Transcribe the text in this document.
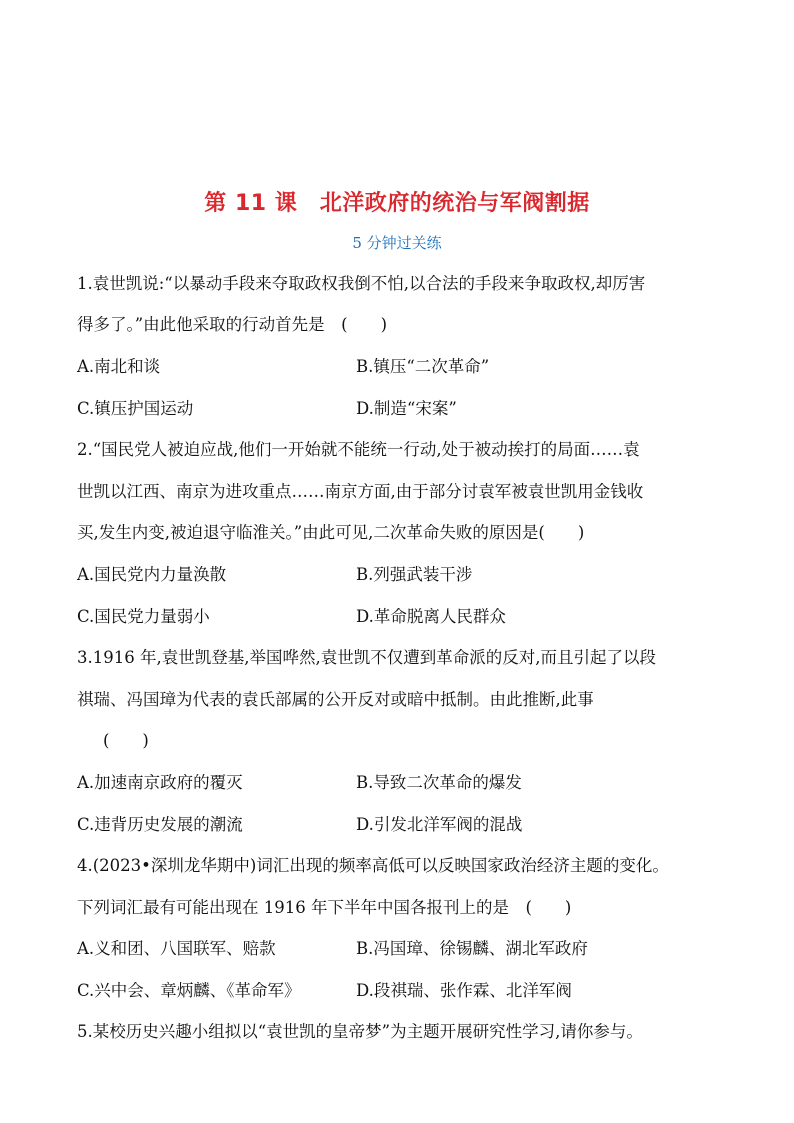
第 11 课　北洋政府的统治与军阀割据
5 分钟过关练
1.袁世凯说:“以暴动手段来夺取政权我倒不怕,以合法的手段来争取政权,却厉害
得多了。”由此他采取的行动首先是　(　　)
A.南北和谈	B.镇压“二次革命”
C.镇压护国运动	D.制造“宋案”
2.“国民党人被迫应战,他们一开始就不能统一行动,处于被动挨打的局面……袁
世凯以江西、南京为进攻重点……南京方面,由于部分讨袁军被袁世凯用金钱收
买,发生内变,被迫退守临淮关。”由此可见,二次革命失败的原因是(　　)
A.国民党内力量涣散	B.列强武装干涉
C.国民党力量弱小	D.革命脱离人民群众
3.1916 年,袁世凯登基,举国哗然,袁世凯不仅遭到革命派的反对,而且引起了以段
祺瑞、冯国璋为代表的袁氏部属的公开反对或暗中抵制。由此推断,此事
(　　)
A.加速南京政府的覆灭	B.导致二次革命的爆发
C.违背历史发展的潮流	D.引发北洋军阀的混战
4.(2023•深圳龙华期中)词汇出现的频率高低可以反映国家政治经济主题的变化。
下列词汇最有可能出现在 1916 年下半年中国各报刊上的是　(　　)
A.义和团、八国联军、赔款	B.冯国璋、徐锡麟、湖北军政府
C.兴中会、章炳麟、《革命军》	D.段祺瑞、张作霖、北洋军阀
5.某校历史兴趣小组拟以“袁世凯的皇帝梦”为主题开展研究性学习,请你参与。
